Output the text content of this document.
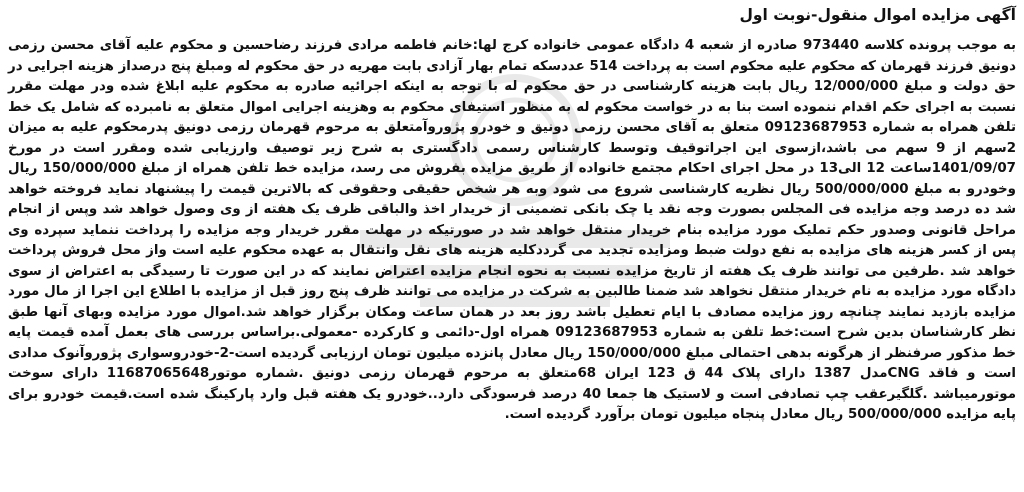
آگهی مزایده اموال منقول-نوبت اول

به موجب پرونده کلاسه 973440 صادره از شعبه 4 دادگاه عمومی خانواده کرج لها:خانم فاطمه مرادی فرزند رضاحسین و محکوم علیه آقای محسن رزمی دونیق فرزند قهرمان که محکوم علیه محکوم است به پرداخت 514 عددسکه تمام بهار آزادی بابت مهریه در حق محکوم له ومبلغ پنج درصداز هزینه اجرایی در حق دولت و مبلغ 12/000/000 ریال بابت هزینه کارشناسی در حق محکوم له با توجه به اینکه اجرائیه صادره به محکوم علیه ابلاغ شده ودر مهلت مقرر نسبت به اجرای حکم اقدام ننموده است بنا به در خواست محکوم له به منظور استیفای محکوم به وهزینه اجرایی اموال متعلق به نامبرده که شامل یک خط تلفن همراه به شماره 09123687953 متعلق به آقای محسن رزمی دونیق و خودرو پژوروآمتعلق به مرحوم قهرمان رزمی دونیق پدرمحکوم علیه به میزان 2سهم از 9 سهم می باشد،ازسوی این اجراتوقیف وتوسط کارشناس رسمی دادگستری به شرح زیر توصیف وارزیابی شده ومقرر است در مورخ 1401/09/07ساعت 12 الی13 در محل اجرای احکام مجتمع خانواده از طریق مزایده بفروش می رسد، مزایده خط تلفن همراه از مبلغ 150/000/000 ریال وخودرو به مبلغ 500/000/000 ریال نظریه کارشناسی شروع می شود وبه هر شخص حقیقی وحقوقی که بالاترین قیمت را پیشنهاد نماید فروخته خواهد شد ده درصد وجه مزایده فی المجلس بصورت وجه نقد یا چک بانکی تضمینی از خریدار اخذ والباقی ظرف یک هفته از وی وصول خواهد شد وپس از انجام مراحل قانونی وصدور حکم تملیک مورد مزایده بنام خریدار منتقل خواهد شد در صورتیکه در مهلت مقرر خریدار وجه مزایده را پرداخت ننماید سپرده وی پس از کسر هزینه های مزایده به نفع دولت ضبط ومزایده تجدید می گرددکلیه هزینه های نقل وانتقال به عهده محکوم علیه است واز محل فروش پرداخت خواهد شد .طرفین می توانند ظرف یک هفته از تاریخ مزایده نسبت به نحوه انجام مزایده اعتراض نمایند که در این صورت تا رسیدگی به اعتراض از سوی دادگاه مورد مزایده به نام خریدار منتقل نخواهد شد ضمنا طالبین به شرکت در مزایده می توانند ظرف پنج روز قبل از مزایده با اطلاع این اجرا از مال مورد مزایده بازدید نمایند چنانچه روز مزایده مصادف با ایام تعطیل باشد روز بعد در همان ساعت ومکان برگزار خواهد شد.اموال مورد مزایده وبهای آنها طبق نظر کارشناسان بدین شرح است:خط تلفن به شماره 09123687953 همراه اول-دائمی و کارکرده -معمولی.براساس بررسی های بعمل آمده قیمت پایه خط مذکور صرفنظر از هرگونه بدهی احتمالی مبلغ 150/000/000 ریال معادل پانزده میلیون تومان ارزیابی گردیده است-2-خودروسواری پژوروآنوک مدادی است و فاقد CNGمدل 1387 دارای پلاک 44 ق 123 ایران 68متعلق به مرحوم قهرمان رزمی دونیق .شماره موتور11687065648 دارای سوخت موتورمیباشد .گلگیرعقب چپ تصادفی است و لاستیک ها جمعا 40 درصد فرسودگی دارد..خودرو یک هفته قبل وارد پارکینگ شده است.قیمت خودرو برای پایه مزایده 500/000/000 ریال معادل پنجاه میلیون تومان برآورد گردیده است.
